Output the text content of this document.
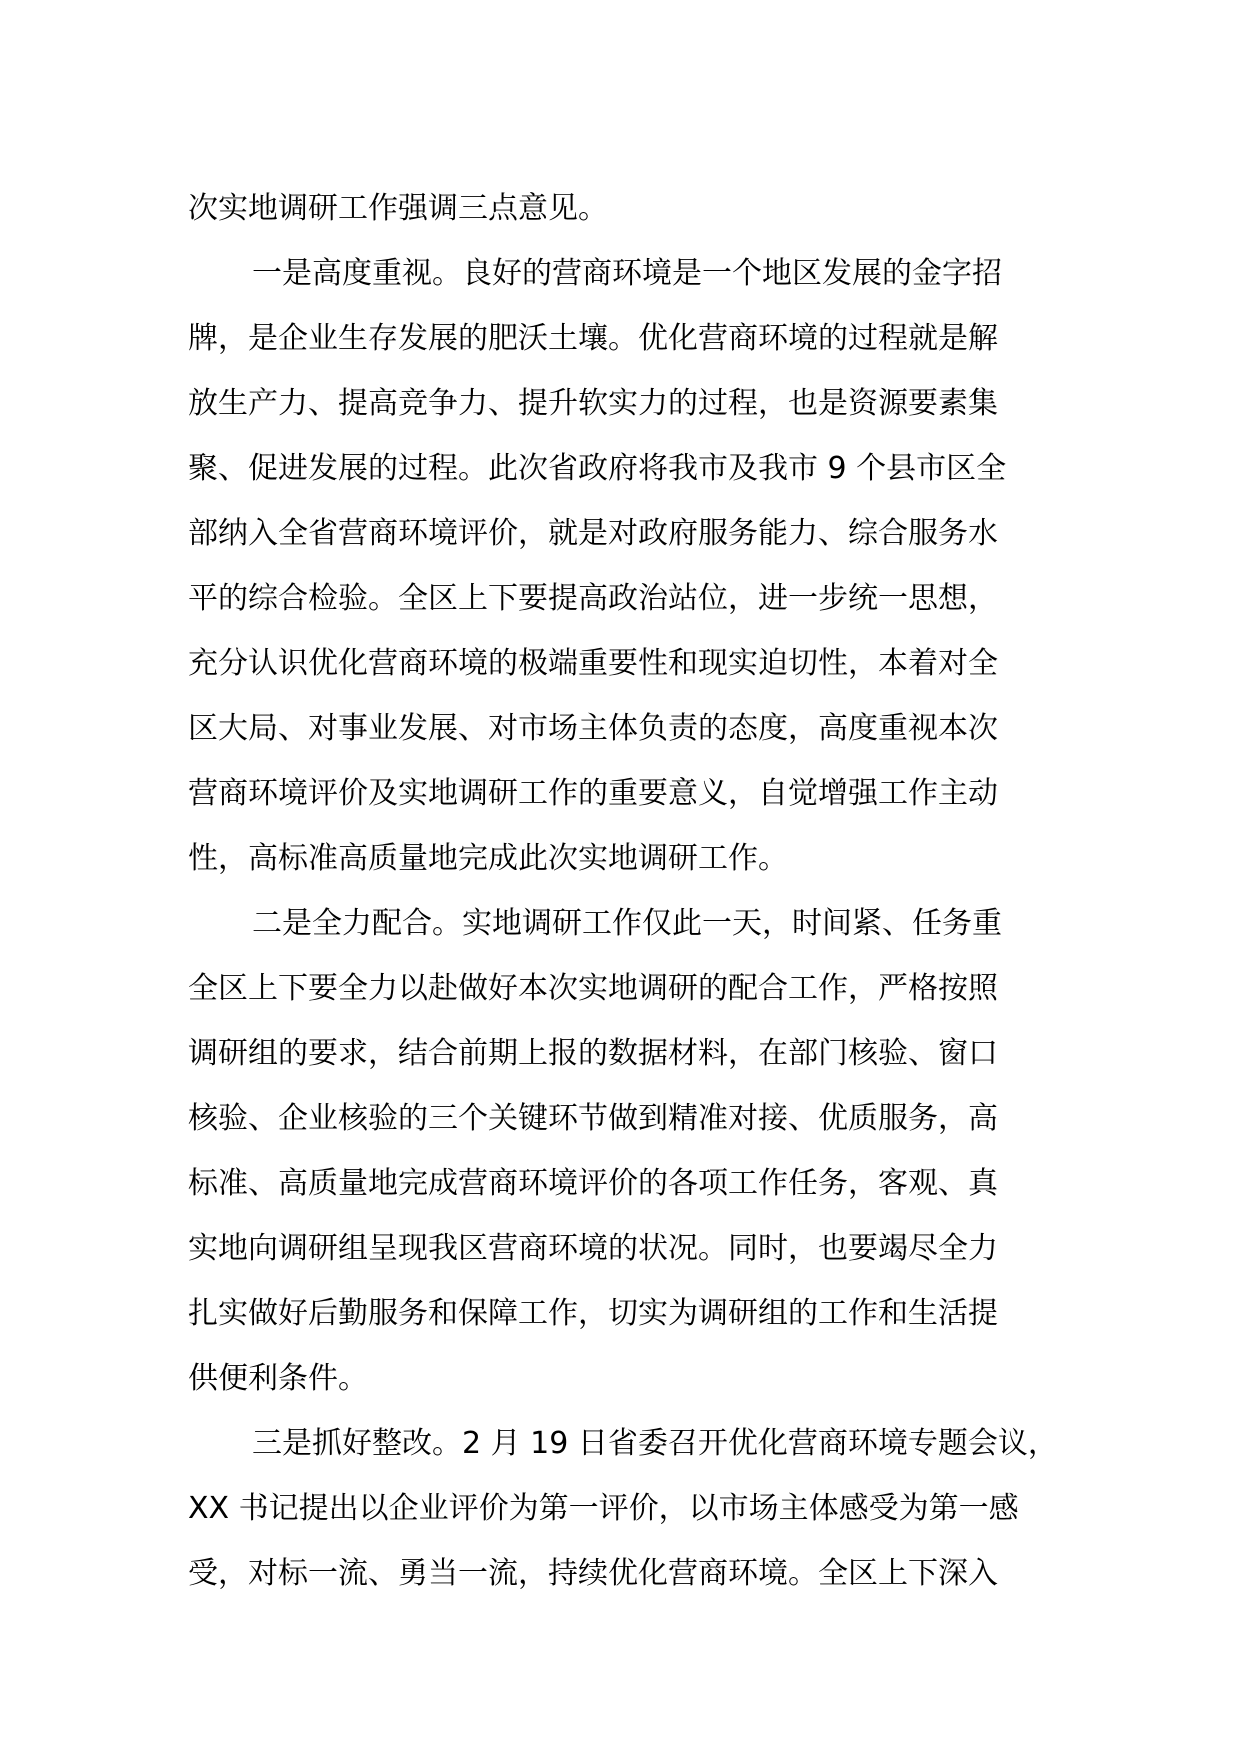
次实地调研工作强调三点意见。
一是高度重视。良好的营商环境是一个地区发展的金字招
牌，是企业生存发展的肥沃土壤。优化营商环境的过程就是解
放生产力、提高竞争力、提升软实力的过程，也是资源要素集
聚、促进发展的过程。此次省政府将我市及我市 9 个县市区全
部纳入全省营商环境评价，就是对政府服务能力、综合服务水
平的综合检验。全区上下要提高政治站位，进一步统一思想，
充分认识优化营商环境的极端重要性和现实迫切性，本着对全
区大局、对事业发展、对市场主体负责的态度，高度重视本次
营商环境评价及实地调研工作的重要意义，自觉增强工作主动
性，高标准高质量地完成此次实地调研工作。
二是全力配合。实地调研工作仅此一天，时间紧、任务重
全区上下要全力以赴做好本次实地调研的配合工作，严格按照
调研组的要求，结合前期上报的数据材料，在部门核验、窗口
核验、企业核验的三个关键环节做到精准对接、优质服务，高
标准、高质量地完成营商环境评价的各项工作任务，客观、真
实地向调研组呈现我区营商环境的状况。同时，也要竭尽全力
扎实做好后勤服务和保障工作，切实为调研组的工作和生活提
供便利条件。
三是抓好整改。2 月 19 日省委召开优化营商环境专题会议，
XX 书记提出以企业评价为第一评价，以市场主体感受为第一感
受，对标一流、勇当一流，持续优化营商环境。全区上下深入
